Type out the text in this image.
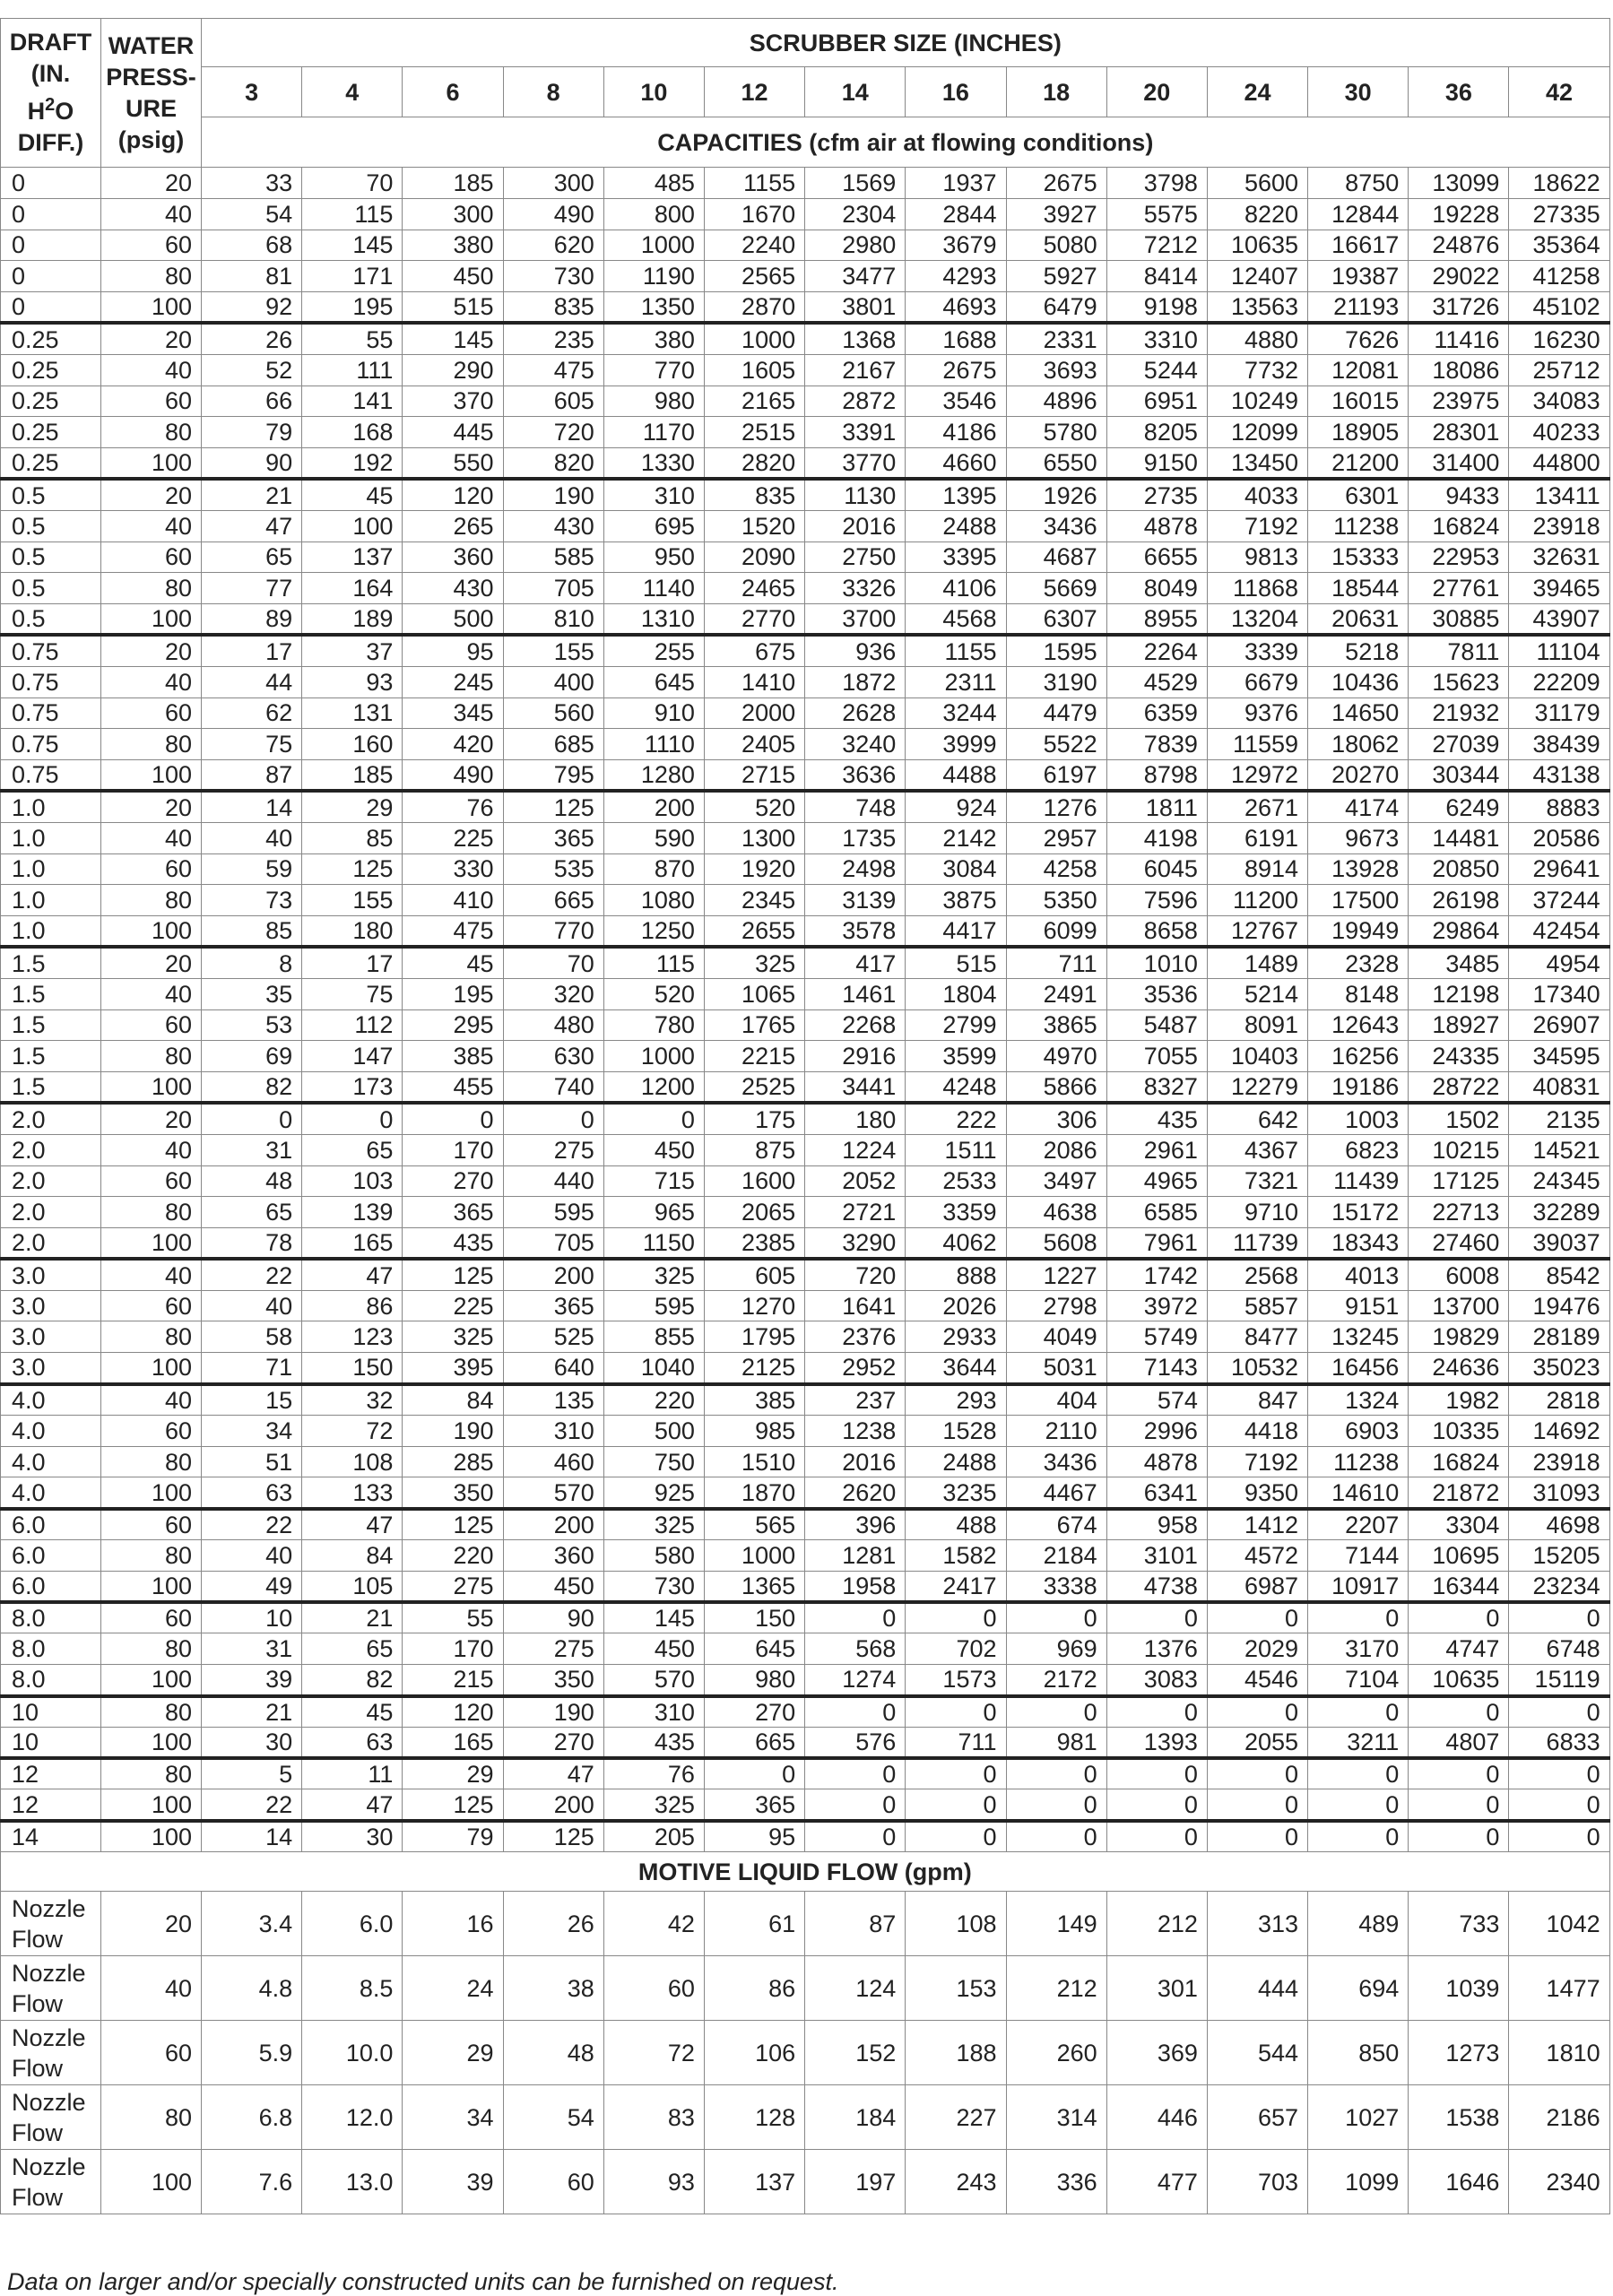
DRAFT
(IN.
$H^2O$
DIFF.)	WATER
PRESS-
URE
(psig)	SCRUBBER SIZE (INCHES)													
		3	4	6	8	10	12	14	16	18	20	24	30	36	42
		CAPACITIES (cfm air at flowing conditions)													
0	20	33	70	185	300	485	1155	1569	1937	2675	3798	5600	8750	13099	18622
0	40	54	115	300	490	800	1670	2304	2844	3927	5575	8220	12844	19228	27335
0	60	68	145	380	620	1000	2240	2980	3679	5080	7212	10635	16617	24876	35364
0	80	81	171	450	730	1190	2565	3477	4293	5927	8414	12407	19387	29022	41258
0	100	92	195	515	835	1350	2870	3801	4693	6479	9198	13563	21193	31726	45102
0.25	20	26	55	145	235	380	1000	1368	1688	2331	3310	4880	7626	11416	16230
0.25	40	52	111	290	475	770	1605	2167	2675	3693	5244	7732	12081	18086	25712
0.25	60	66	141	370	605	980	2165	2872	3546	4896	6951	10249	16015	23975	34083
0.25	80	79	168	445	720	1170	2515	3391	4186	5780	8205	12099	18905	28301	40233
0.25	100	90	192	550	820	1330	2820	3770	4660	6550	9150	13450	21200	31400	44800
0.5	20	21	45	120	190	310	835	1130	1395	1926	2735	4033	6301	9433	13411
0.5	40	47	100	265	430	695	1520	2016	2488	3436	4878	7192	11238	16824	23918
0.5	60	65	137	360	585	950	2090	2750	3395	4687	6655	9813	15333	22953	32631
0.5	80	77	164	430	705	1140	2465	3326	4106	5669	8049	11868	18544	27761	39465
0.5	100	89	189	500	810	1310	2770	3700	4568	6307	8955	13204	20631	30885	43907
0.75	20	17	37	95	155	255	675	936	1155	1595	2264	3339	5218	7811	11104
0.75	40	44	93	245	400	645	1410	1872	2311	3190	4529	6679	10436	15623	22209
0.75	60	62	131	345	560	910	2000	2628	3244	4479	6359	9376	14650	21932	31179
0.75	80	75	160	420	685	1110	2405	3240	3999	5522	7839	11559	18062	27039	38439
0.75	100	87	185	490	795	1280	2715	3636	4488	6197	8798	12972	20270	30344	43138
1.0	20	14	29	76	125	200	520	748	924	1276	1811	2671	4174	6249	8883
1.0	40	40	85	225	365	590	1300	1735	2142	2957	4198	6191	9673	14481	20586
1.0	60	59	125	330	535	870	1920	2498	3084	4258	6045	8914	13928	20850	29641
1.0	80	73	155	410	665	1080	2345	3139	3875	5350	7596	11200	17500	26198	37244
1.0	100	85	180	475	770	1250	2655	3578	4417	6099	8658	12767	19949	29864	42454
1.5	20	8	17	45	70	115	325	417	515	711	1010	1489	2328	3485	4954
1.5	40	35	75	195	320	520	1065	1461	1804	2491	3536	5214	8148	12198	17340
1.5	60	53	112	295	480	780	1765	2268	2799	3865	5487	8091	12643	18927	26907
1.5	80	69	147	385	630	1000	2215	2916	3599	4970	7055	10403	16256	24335	34595
1.5	100	82	173	455	740	1200	2525	3441	4248	5866	8327	12279	19186	28722	40831
2.0	20	0	0	0	0	0	175	180	222	306	435	642	1003	1502	2135
2.0	40	31	65	170	275	450	875	1224	1511	2086	2961	4367	6823	10215	14521
2.0	60	48	103	270	440	715	1600	2052	2533	3497	4965	7321	11439	17125	24345
2.0	80	65	139	365	595	965	2065	2721	3359	4638	6585	9710	15172	22713	32289
2.0	100	78	165	435	705	1150	2385	3290	4062	5608	7961	11739	18343	27460	39037
3.0	40	22	47	125	200	325	605	720	888	1227	1742	2568	4013	6008	8542
3.0	60	40	86	225	365	595	1270	1641	2026	2798	3972	5857	9151	13700	19476
3.0	80	58	123	325	525	855	1795	2376	2933	4049	5749	8477	13245	19829	28189
3.0	100	71	150	395	640	1040	2125	2952	3644	5031	7143	10532	16456	24636	35023
4.0	40	15	32	84	135	220	385	237	293	404	574	847	1324	1982	2818
4.0	60	34	72	190	310	500	985	1238	1528	2110	2996	4418	6903	10335	14692
4.0	80	51	108	285	460	750	1510	2016	2488	3436	4878	7192	11238	16824	23918
4.0	100	63	133	350	570	925	1870	2620	3235	4467	6341	9350	14610	21872	31093
6.0	60	22	47	125	200	325	565	396	488	674	958	1412	2207	3304	4698
6.0	80	40	84	220	360	580	1000	1281	1582	2184	3101	4572	7144	10695	15205
6.0	100	49	105	275	450	730	1365	1958	2417	3338	4738	6987	10917	16344	23234
8.0	60	10	21	55	90	145	150	0	0	0	0	0	0	0	0
8.0	80	31	65	170	275	450	645	568	702	969	1376	2029	3170	4747	6748
8.0	100	39	82	215	350	570	980	1274	1573	2172	3083	4546	7104	10635	15119
10	80	21	45	120	190	310	270	0	0	0	0	0	0	0	0
10	100	30	63	165	270	435	665	576	711	981	1393	2055	3211	4807	6833
12	80	5	11	29	47	76	0	0	0	0	0	0	0	0	0
12	100	22	47	125	200	325	365	0	0	0	0	0	0	0	0
14	100	14	30	79	125	205	95	0	0	0	0	0	0	0	0
MOTIVE LIQUID FLOW (gpm)															
Nozzle Flow	20	3.4	6.0	16	26	42	61	87	108	149	212	313	489	733	1042
Nozzle Flow	40	4.8	8.5	24	38	60	86	124	153	212	301	444	694	1039	1477
Nozzle Flow	60	5.9	10.0	29	48	72	106	152	188	260	369	544	850	1273	1810
Nozzle Flow	80	6.8	12.0	34	54	83	128	184	227	314	446	657	1027	1538	2186
Nozzle Flow	100	7.6	13.0	39	60	93	137	197	243	336	477	703	1099	1646	2340
Data on larger and/or specially constructed units can be furnished on request.
